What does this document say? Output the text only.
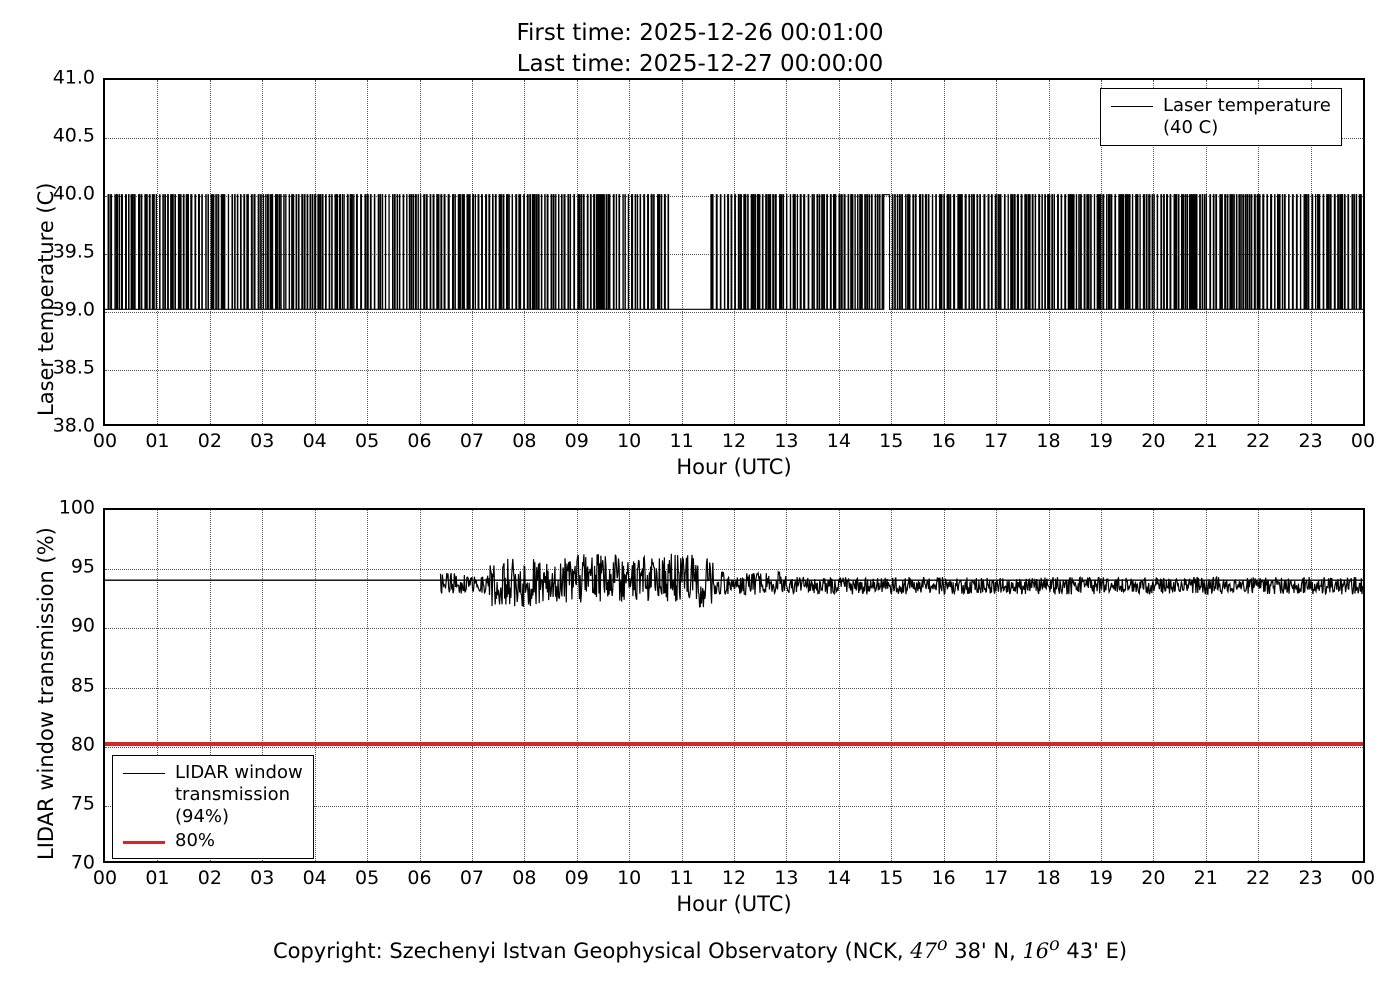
First time: 2025-12-26 00:01:00
Last time: 2025-12-27 00:00:00
Laser temperature (C)
38.0
38.5
39.0
39.5
40.0
40.5
41.0
00 01 02 03 04 05 06 07 08 09 10 11 12 13 14 15 16 17 18 19 20 21 22 23 00
Hour (UTC)
Laser temperature
(40 C)
LIDAR window transmission (%)
70
75
80
85
90
95
100
00 01 02 03 04 05 06 07 08 09 10 11 12 13 14 15 16 17 18 19 20 21 22 23 00
Hour (UTC)
LIDAR window
transmission
(94%)
80%
Copyright: Szechenyi Istvan Geophysical Observatory (NCK, 47$^o$ 38' N, 16$^o$ 43' E)
